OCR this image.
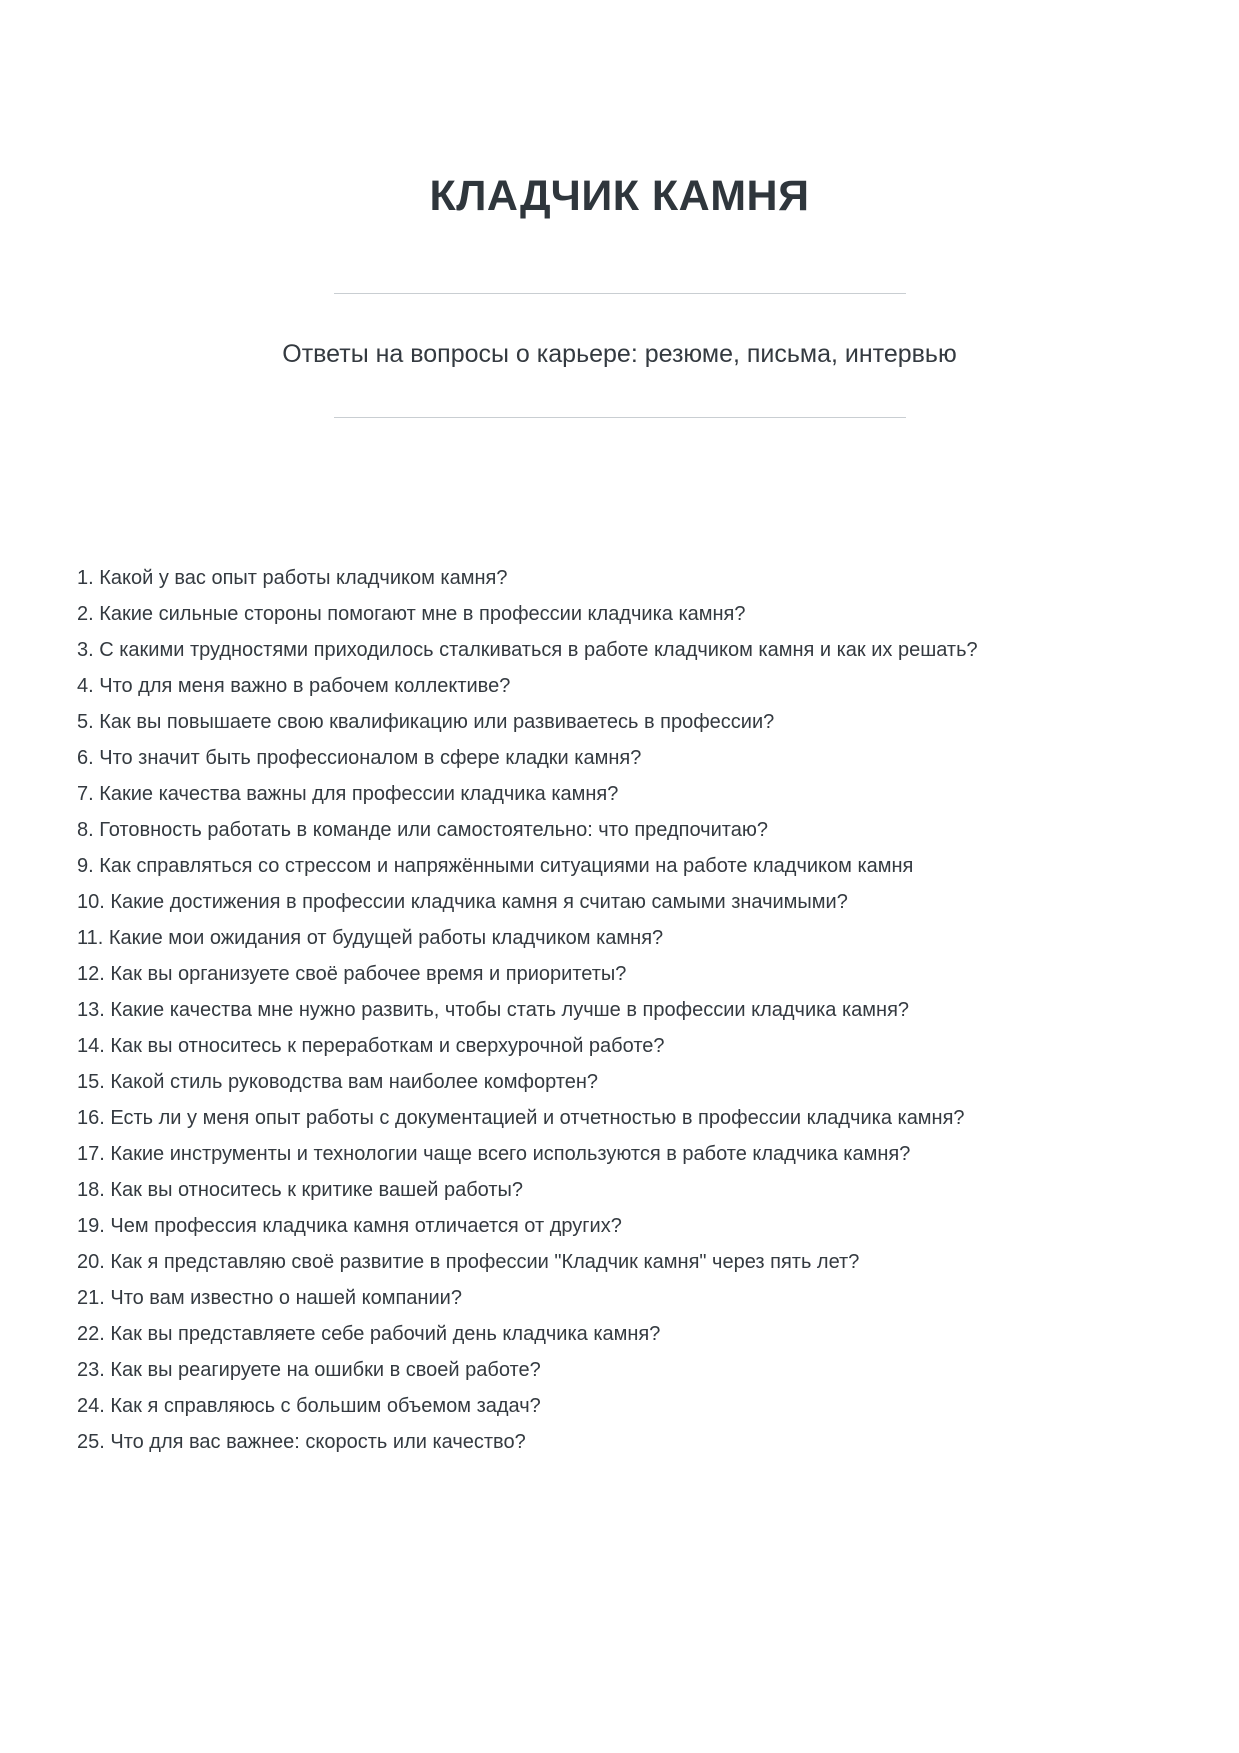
КЛАДЧИК КАМНЯ
Ответы на вопросы о карьере: резюме, письма, интервью

1. Какой у вас опыт работы кладчиком камня?

2. Какие сильные стороны помогают мне в профессии кладчика камня?

3. С какими трудностями приходилось сталкиваться в работе кладчиком камня и как их решать?

4. Что для меня важно в рабочем коллективе?

5. Как вы повышаете свою квалификацию или развиваетесь в профессии?

6. Что значит быть профессионалом в сфере кладки камня?

7. Какие качества важны для профессии кладчика камня?

8. Готовность работать в команде или самостоятельно: что предпочитаю?

9. Как справляться со стрессом и напряжёнными ситуациями на работе кладчиком камня

10. Какие достижения в профессии кладчика камня я считаю самыми значимыми?

11. Какие мои ожидания от будущей работы кладчиком камня?

12. Как вы организуете своё рабочее время и приоритеты?

13. Какие качества мне нужно развить, чтобы стать лучше в профессии кладчика камня?

14. Как вы относитесь к переработкам и сверхурочной работе?

15. Какой стиль руководства вам наиболее комфортен?

16. Есть ли у меня опыт работы с документацией и отчетностью в профессии кладчика камня?

17. Какие инструменты и технологии чаще всего используются в работе кладчика камня?

18. Как вы относитесь к критике вашей работы?

19. Чем профессия кладчика камня отличается от других?

20. Как я представляю своё развитие в профессии "Кладчик камня" через пять лет?

21. Что вам известно о нашей компании?

22. Как вы представляете себе рабочий день кладчика камня?

23. Как вы реагируете на ошибки в своей работе?

24. Как я справляюсь с большим объемом задач?

25. Что для вас важнее: скорость или качество?
